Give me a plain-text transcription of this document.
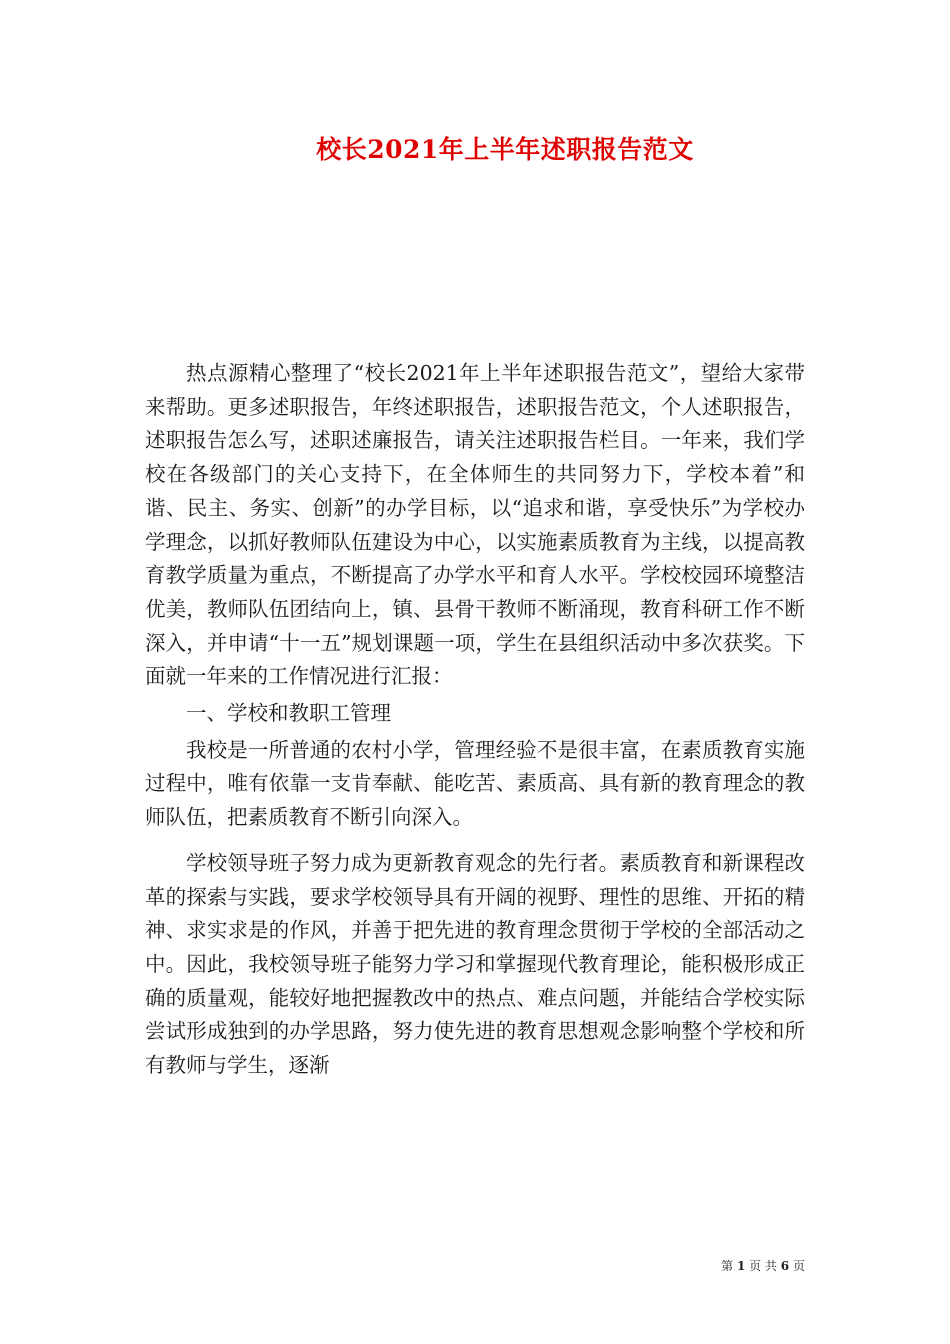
校长2021年上半年述职报告范文

热点源精心整理了“校长2021年上半年述职报告范文”，望给大家带来帮助。更多述职报告，年终述职报告，述职报告范文，个人述职报告，述职报告怎么写，述职述廉报告，请关注述职报告栏目。一年来，我们学校在各级部门的关心支持下，在全体师生的共同努力下，学校本着”和谐、民主、务实、创新”的办学目标，以“追求和谐，享受快乐”为学校办学理念，以抓好教师队伍建设为中心，以实施素质教育为主线，以提高教育教学质量为重点，不断提高了办学水平和育人水平。学校校园环境整洁优美，教师队伍团结向上，镇、县骨干教师不断涌现，教育科研工作不断深入，并申请“十一五”规划课题一项，学生在县组织活动中多次获奖。下面就一年来的工作情况进行汇报：

一、学校和教职工管理

我校是一所普通的农村小学，管理经验不是很丰富，在素质教育实施过程中，唯有依靠一支肯奉献、能吃苦、素质高、具有新的教育理念的教师队伍，把素质教育不断引向深入。

学校领导班子努力成为更新教育观念的先行者。素质教育和新课程改革的探索与实践，要求学校领导具有开阔的视野、理性的思维、开拓的精神、求实求是的作风，并善于把先进的教育理念贯彻于学校的全部活动之中。因此，我校领导班子能努力学习和掌握现代教育理论，能积极形成正确的质量观，能较好地把握教改中的热点、难点问题，并能结合学校实际尝试形成独到的办学思路，努力使先进的教育思想观念影响整个学校和所有教师与学生，逐渐

第 1 页 共 6 页
